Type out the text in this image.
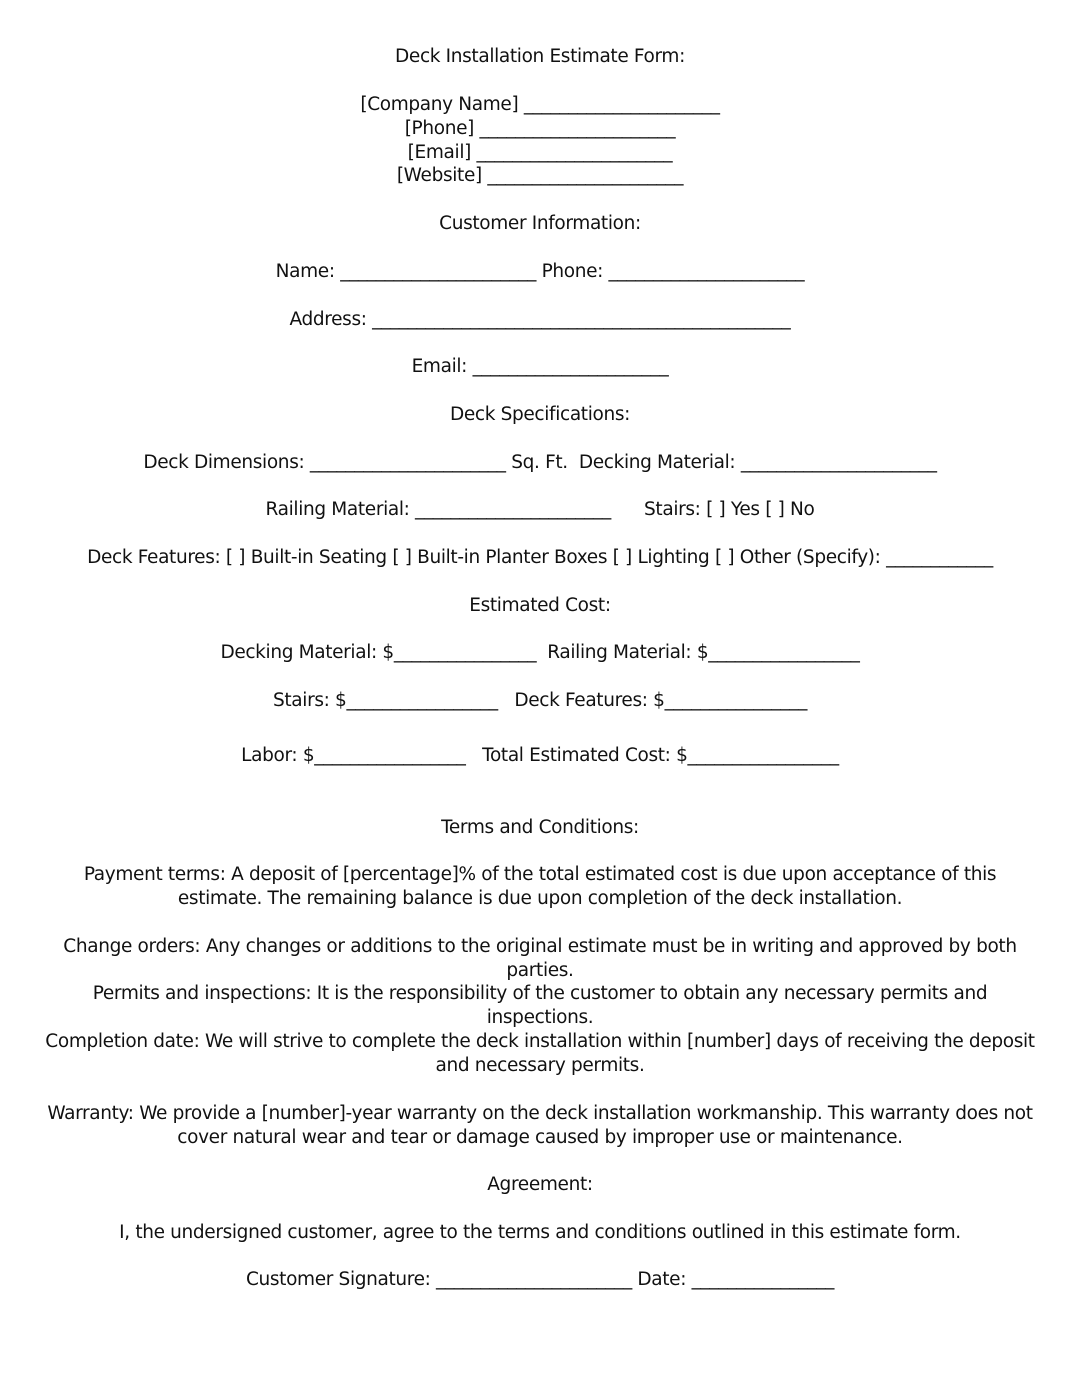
Deck Installation Estimate Form:
[Company Name] ______________________
[Phone] ______________________
[Email] ______________________
[Website] ______________________
Customer Information:
Name: ______________________ Phone: ______________________
Address: _______________________________________________
Email: ______________________
Deck Specifications:
Deck Dimensions: ______________________ Sq. Ft.  Decking Material: ______________________
Railing Material: ______________________      Stairs: [ ] Yes [ ] No
Deck Features: [ ] Built-in Seating [ ] Built-in Planter Boxes [ ] Lighting [ ] Other (Specify): ____________
Estimated Cost:
Decking Material: $________________  Railing Material: $_________________
Stairs: $_________________   Deck Features: $________________
Labor: $_________________   Total Estimated Cost: $_________________
Terms and Conditions:
Payment terms: A deposit of [percentage]% of the total estimated cost is due upon acceptance of this estimate. The remaining balance is due upon completion of the deck installation.
Change orders: Any changes or additions to the original estimate must be in writing and approved by both parties.
Permits and inspections: It is the responsibility of the customer to obtain any necessary permits and inspections.
Completion date: We will strive to complete the deck installation within [number] days of receiving the deposit and necessary permits.
Warranty: We provide a [number]-year warranty on the deck installation workmanship. This warranty does not cover natural wear and tear or damage caused by improper use or maintenance.
Agreement:
I, the undersigned customer, agree to the terms and conditions outlined in this estimate form.
Customer Signature: ______________________ Date: ________________
